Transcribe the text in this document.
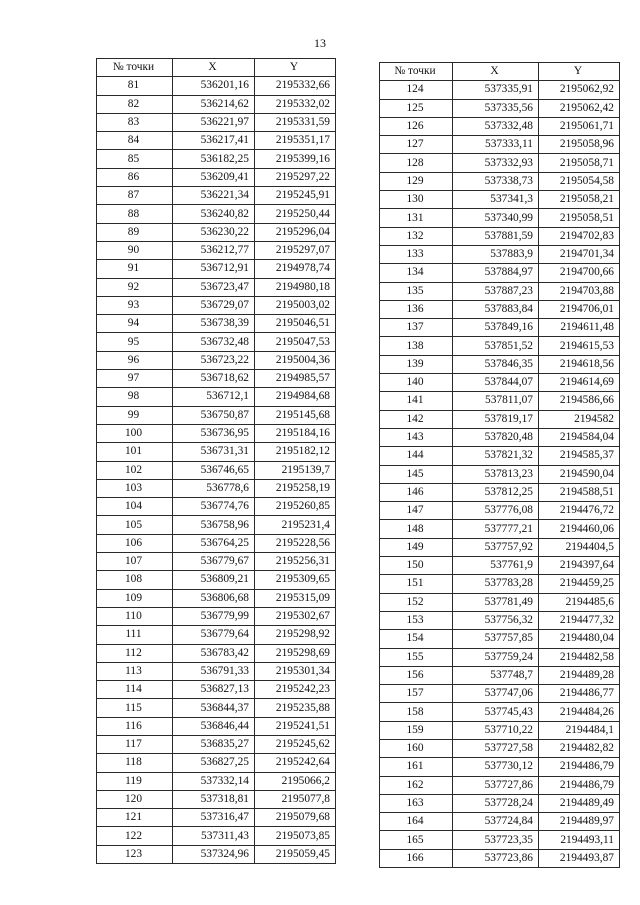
13
№ точки	X	Y
81	536201,16	2195332,66
82	536214,62	2195332,02
83	536221,97	2195331,59
84	536217,41	2195351,17
85	536182,25	2195399,16
86	536209,41	2195297,22
87	536221,34	2195245,91
88	536240,82	2195250,44
89	536230,22	2195296,04
90	536212,77	2195297,07
91	536712,91	2194978,74
92	536723,47	2194980,18
93	536729,07	2195003,02
94	536738,39	2195046,51
95	536732,48	2195047,53
96	536723,22	2195004,36
97	536718,62	2194985,57
98	536712,1	2194984,68
99	536750,87	2195145,68
100	536736,95	2195184,16
101	536731,31	2195182,12
102	536746,65	2195139,7
103	536778,6	2195258,19
104	536774,76	2195260,85
105	536758,96	2195231,4
106	536764,25	2195228,56
107	536779,67	2195256,31
108	536809,21	2195309,65
109	536806,68	2195315,09
110	536779,99	2195302,67
111	536779,64	2195298,92
112	536783,42	2195298,69
113	536791,33	2195301,34
114	536827,13	2195242,23
115	536844,37	2195235,88
116	536846,44	2195241,51
117	536835,27	2195245,62
118	536827,25	2195242,64
119	537332,14	2195066,2
120	537318,81	2195077,8
121	537316,47	2195079,68
122	537311,43	2195073,85
123	537324,96	2195059,45
№ точки	X	Y
124	537335,91	2195062,92
125	537335,56	2195062,42
126	537332,48	2195061,71
127	537333,11	2195058,96
128	537332,93	2195058,71
129	537338,73	2195054,58
130	537341,3	2195058,21
131	537340,99	2195058,51
132	537881,59	2194702,83
133	537883,9	2194701,34
134	537884,97	2194700,66
135	537887,23	2194703,88
136	537883,84	2194706,01
137	537849,16	2194611,48
138	537851,52	2194615,53
139	537846,35	2194618,56
140	537844,07	2194614,69
141	537811,07	2194586,66
142	537819,17	2194582
143	537820,48	2194584,04
144	537821,32	2194585,37
145	537813,23	2194590,04
146	537812,25	2194588,51
147	537776,08	2194476,72
148	537777,21	2194460,06
149	537757,92	2194404,5
150	537761,9	2194397,64
151	537783,28	2194459,25
152	537781,49	2194485,6
153	537756,32	2194477,32
154	537757,85	2194480,04
155	537759,24	2194482,58
156	537748,7	2194489,28
157	537747,06	2194486,77
158	537745,43	2194484,26
159	537710,22	2194484,1
160	537727,58	2194482,82
161	537730,12	2194486,79
162	537727,86	2194486,79
163	537728,24	2194489,49
164	537724,84	2194489,97
165	537723,35	2194493,11
166	537723,86	2194493,87
